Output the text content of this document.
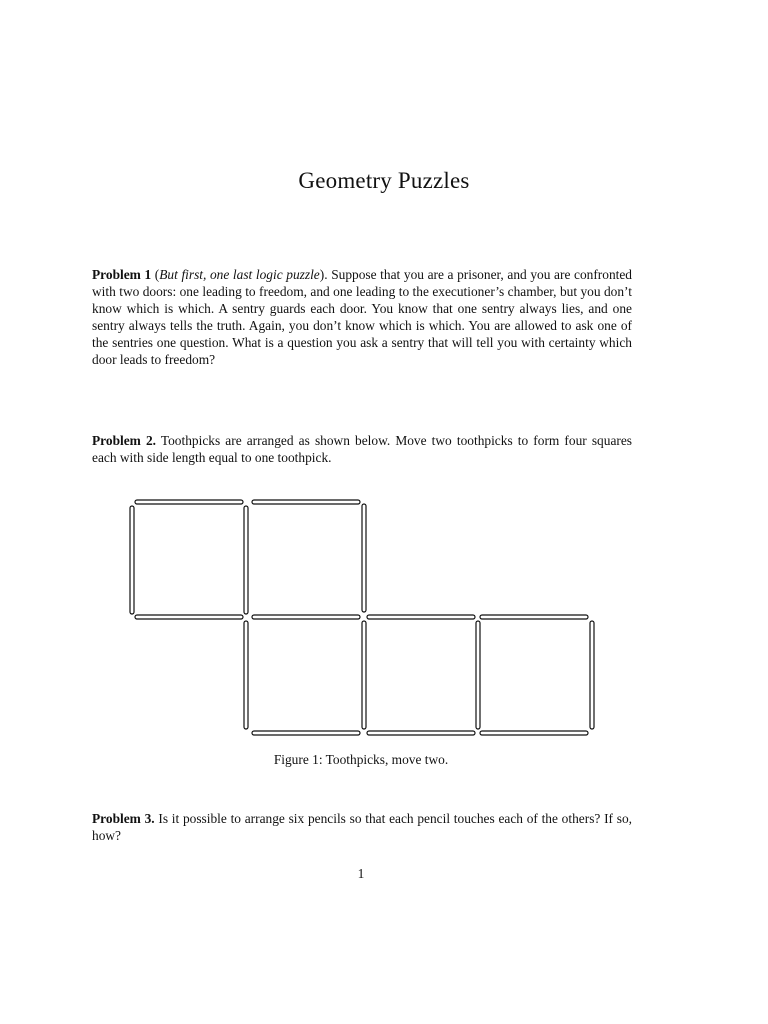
Geometry Puzzles
Problem 1 (But first, one last logic puzzle). Suppose that you are a prisoner, and you are confronted with two doors: one leading to freedom, and one leading to the executioner’s chamber, but you don’t know which is which. A sentry guards each door. You know that one sentry always lies, and one sentry always tells the truth. Again, you don’t know which is which. You are allowed to ask one of the sentries one question. What is a question you ask a sentry that will tell you with certainty which door leads to freedom?
Problem 2. Toothpicks are arranged as shown below. Move two toothpicks to form four squares each with side length equal to one toothpick.
Figure 1: Toothpicks, move two.
Problem 3. Is it possible to arrange six pencils so that each pencil touches each of the others? If so, how?
1
